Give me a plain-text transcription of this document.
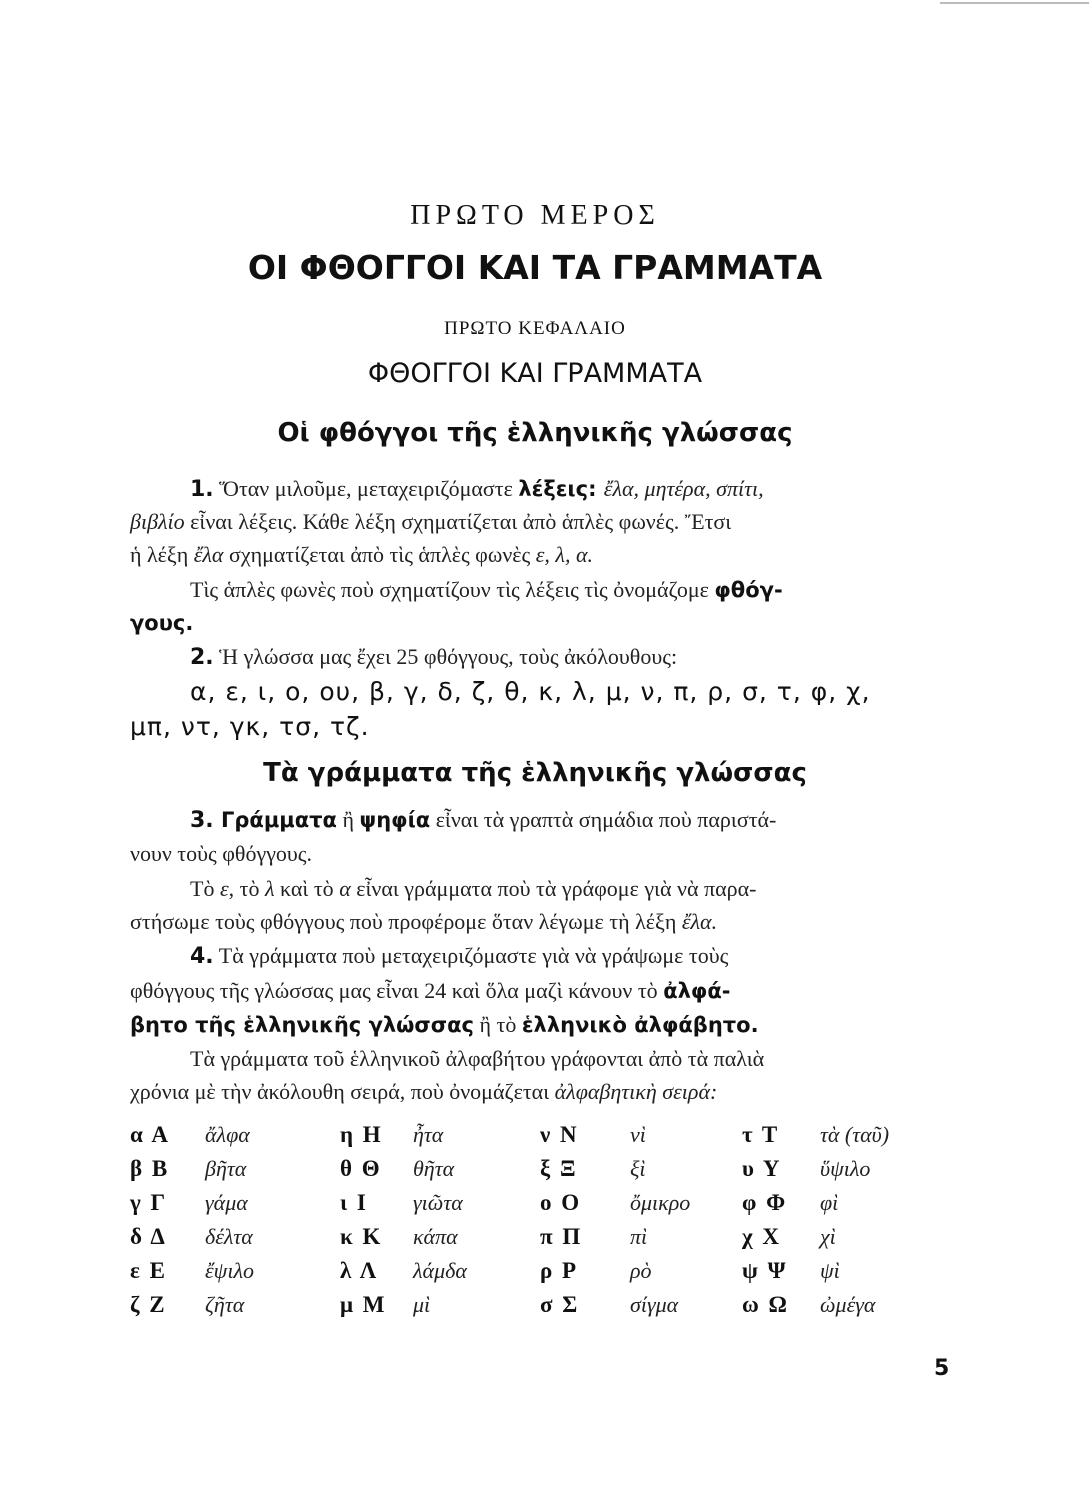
ΠΡΩΤΟ ΜΕΡΟΣ
ΟΙ ΦΘΟΓΓΟΙ ΚΑΙ ΤΑ ΓΡΑΜΜΑΤΑ
ΠΡΩΤΟ ΚΕΦΑΛΑΙΟ
ΦΘΟΓΓΟΙ ΚΑΙ ΓΡΑΜΜΑΤΑ
Οἱ φθόγγοι τῆς ἑλληνικῆς γλώσσας
1. Ὅταν μιλοῦμε, μεταχειριζόμαστε λέξεις: ἔλα, μητέρα, σπίτι,
βιβλίο εἶναι λέξεις. Κάθε λέξη σχηματίζεται ἀπὸ ἁπλὲς φωνές. Ἔτσι
ἡ λέξη ἔλα σχηματίζεται ἀπὸ τὶς ἁπλὲς φωνὲς ε, λ, α.
Τὶς ἁπλὲς φωνὲς ποὺ σχηματίζουν τὶς λέξεις τὶς ὀνομάζομε φθόγ-
γους.
2. Ἡ γλώσσα μας ἔχει 25 φθόγγους, τοὺς ἀκόλουθους:
α, ε, ι, ο, ου, β, γ, δ, ζ, θ, κ, λ, μ, ν, π, ρ, σ, τ, φ, χ,
μπ, ντ, γκ, τσ, τζ.
Τὰ γράμματα τῆς ἑλληνικῆς γλώσσας
3. Γράμματα ἢ ψηφία εἶναι τὰ γραπτὰ σημάδια ποὺ παριστά-
νουν τοὺς φθόγγους.
Τὸ ε, τὸ λ καὶ τὸ α εἶναι γράμματα ποὺ τὰ γράφομε γιὰ νὰ παρα-
στήσωμε τοὺς φθόγγους ποὺ προφέρομε ὅταν λέγωμε τὴ λέξη ἔλα.
4. Τὰ γράμματα ποὺ μεταχειριζόμαστε γιὰ νὰ γράψωμε τοὺς
φθόγγους τῆς γλώσσας μας εἶναι 24 καὶ ὅλα μαζὶ κάνουν τὸ ἀλφά-
βητο τῆς ἑλληνικῆς γλώσσας ἢ τὸ ἑλληνικὸ ἀλφάβητο.
Τὰ γράμματα τοῦ ἑλληνικοῦ ἀλφαβήτου γράφονται ἀπὸ τὰ παλιὰ
χρόνια μὲ τὴν ἀκόλουθη σειρά, ποὺ ὀνομάζεται ἀλφαβητικὴ σειρά:
α Α ἄλφα	η Η ἦτα	ν Ν νὶ	τ Τ τὰ (ταῦ)
β Β βῆτα	θ Θ θῆτα	ξ Ξ ξὶ	υ Υ ὕψιλο
γ Γ γάμα	ι Ι γιῶτα	ο Ο ὄμικρο φ Φ φὶ
δ Δ δέλτα	κ Κ κάπα	π Π πὶ	χ Χ χὶ
ε Ε ἔψιλο	λ Λ λάμδα	ρ Ρ ρὸ	ψ Ψ ψὶ
ζ Ζ ζῆτα	μ Μ μὶ	σ Σ σίγμα	ω Ω ὠμέγα
5
